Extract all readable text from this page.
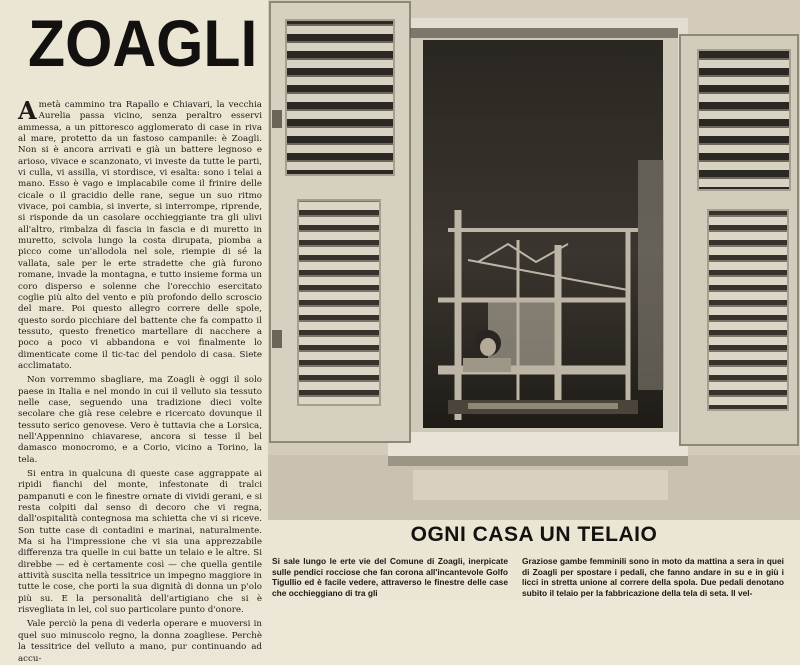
ZOAGLI

Ametà cammino tra Rapallo e Chiavari, la vecchia Aurelia passa vicino, senza peraltro esservi ammessa, a un pittoresco agglomerato di case in riva al mare, protetto da un fastoso campanile: è Zoagli. Non si è ancora arrivati e già un battere legnoso e arioso, vivace e scanzonato, vi investe da tutte le parti, vi culla, vi assilla, vi stordisce, vi esalta: sono i telai a mano. Esso è vago e implacabile come il frinire delle cicale o il gracidio delle rane, segue un suo ritmo vivace, poi cambia, si inverte, si interrompe, riprende, si risponde da un casolare occhieggiante tra gli ulivi all'altro, rimbalza di fascia in fascia e di muretto in muretto, scivola lungo la costa dirupata, piomba a picco come un'allodola nel sole, riempie di sé la vallata, sale per le erte stradette che già furono romane, invade la montagna, e tutto insieme forma un coro disperso e solenne che l'orecchio esercitato coglie più alto del vento e più profondo dello scroscio del mare. Poi questo allegro correre delle spole, questo sordo picchiare del battente che fa compatto il tessuto, questo frenetico martellare di nacchere a poco a poco vi abbandona e voi finalmente lo dimenticate come il tic-tac del pendolo di casa. Siete acclimatato.

Non vorremmo sbagliare, ma Zoagli è oggi il solo paese in Italia e nel mondo in cui il velluto sia tessuto nelle case, seguendo una tradizione dieci volte secolare che già rese celebre e ricercato dovunque il tessuto serico genovese. Vero è tuttavia che a Lorsica, nell'Appennino chiavarese, ancora si tesse il bel damasco monocromo, e a Corio, vicino a Torino, la tela.

Si entra in qualcuna di queste case aggrappate ai ripidi fianchi del monte, infestonate di tralci pampanuti e con le finestre ornate di vividi gerani, e si resta colpiti dal senso di decoro che vi regna, dall'ospitalità contegnosa ma schietta che vi si riceve. Son tutte case di contadini e marinai, naturalmente. Ma si ha l'impressione che vi sia una apprezzabile differenza tra quelle in cui batte un telaio e le altre. Si direbbe — ed è certamente così — che quella gentile attività suscita nella tessitrice un impegno maggiore in tutte le cose, che porti la sua dignità di donna un p'olo più su. E la personalità dell'artigiano che si è risvegliata in lei, col suo particolare punto d'onore.

Vale perciò la pena di vederla operare e muoversi in quel suo minuscolo regno, la donna zoagliese. Perchè la tessitrice del velluto a mano, pur continuando ad accu-

OGNI CASA UN TELAIO
Si sale lungo le erte vie del Comune di Zoagli, inerpicate sulle pendici rocciose che fan corona all'incantevole Golfo Tigullio ed è facile vedere, attraverso le finestre delle case che occhieggiano di tra gli
Graziose gambe femminili sono in moto da mattina a sera in quei di Zoagli per spostare i pedali, che fanno andare in su e in giù i licci in stretta unione al correre della spola. Due pedali denotano subito il telaio per la fabbricazione della tela di seta. Il vel-
